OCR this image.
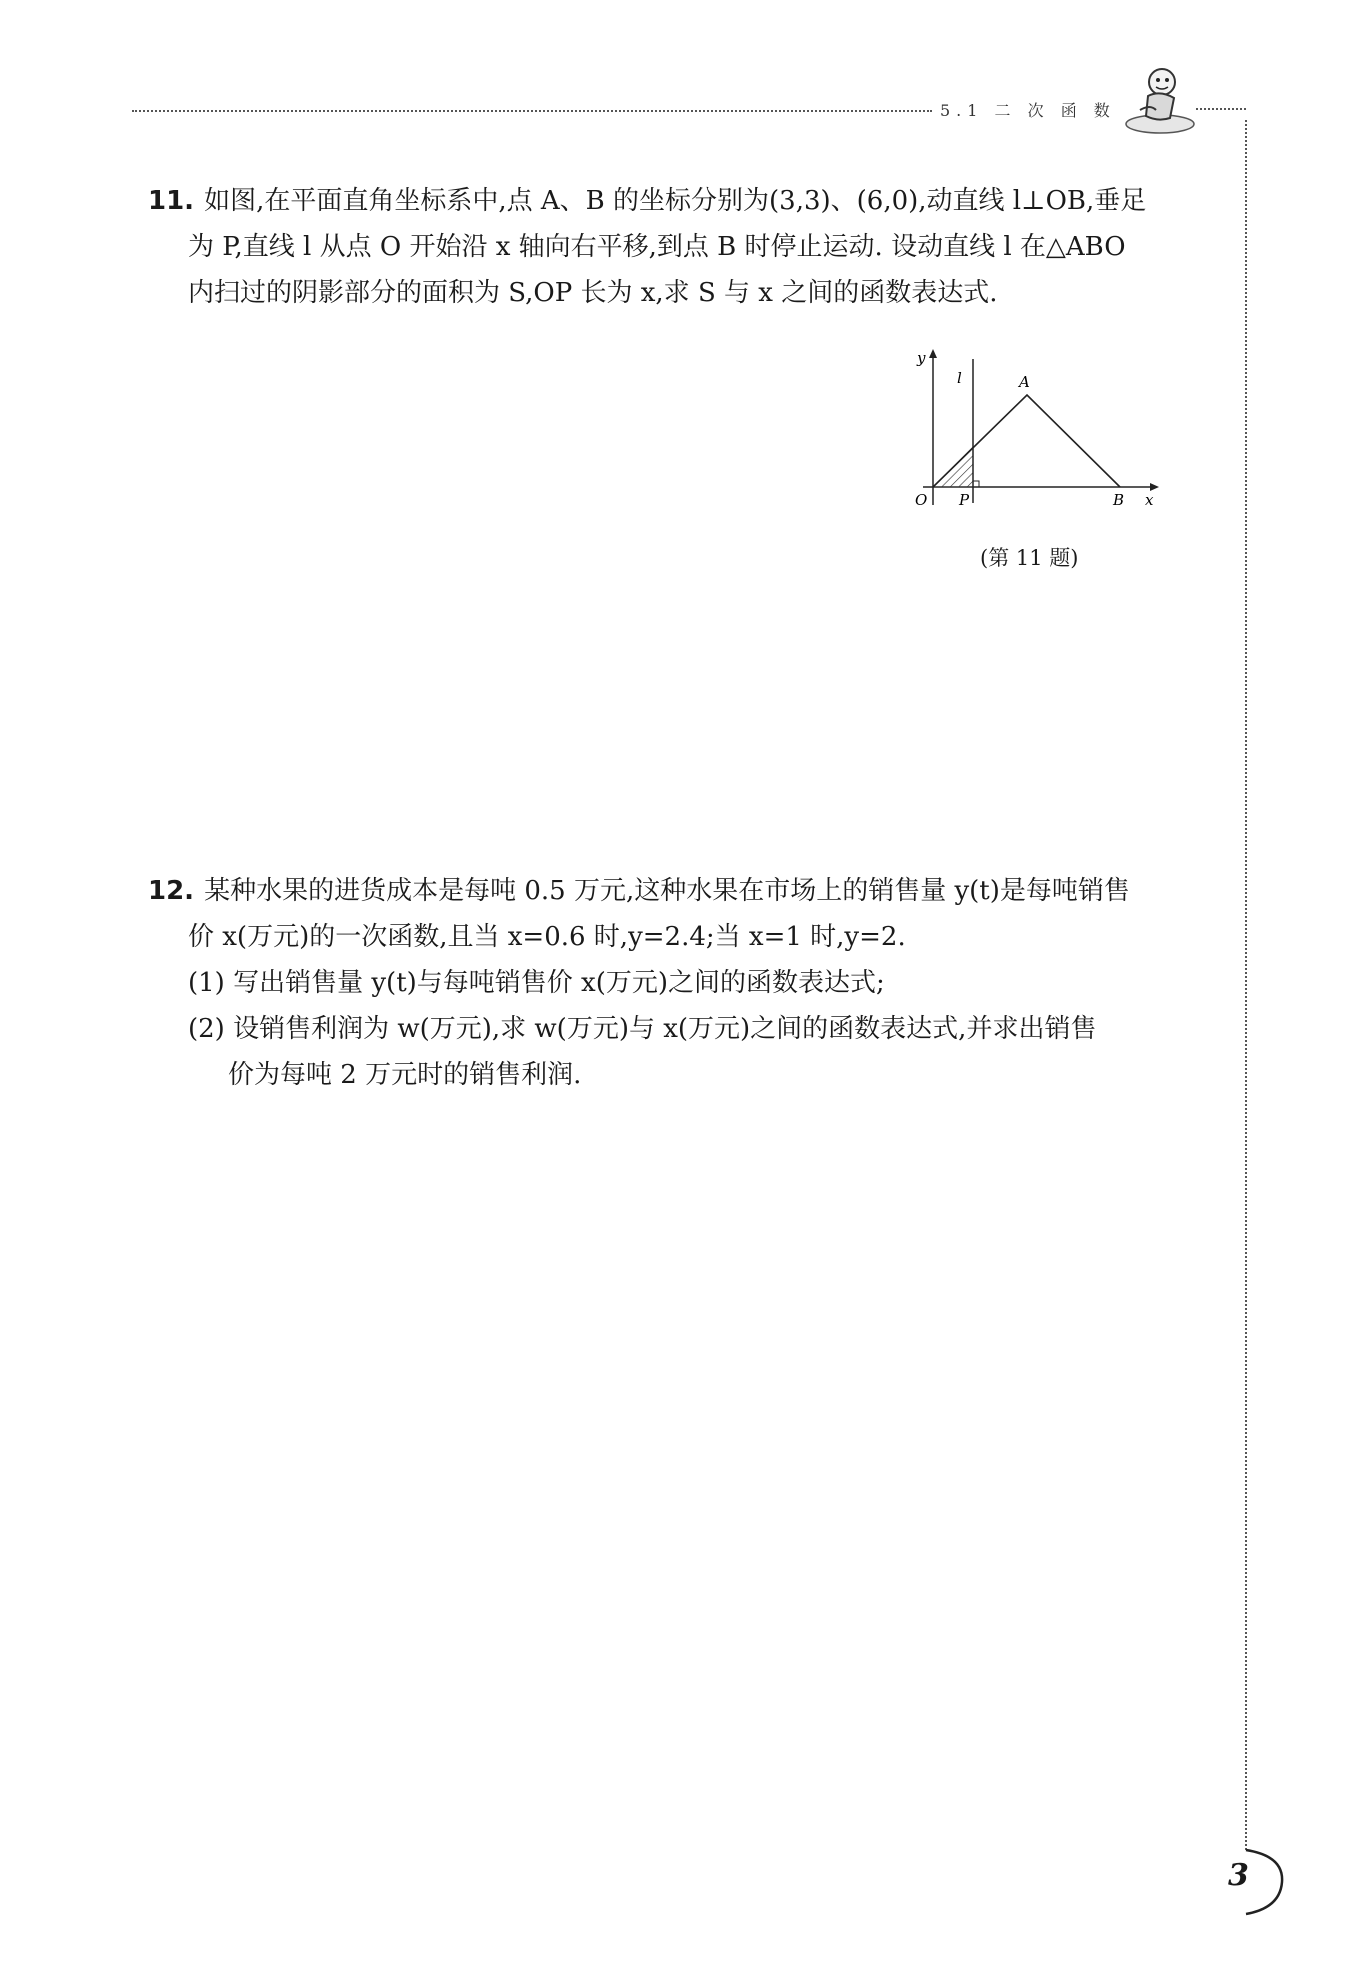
5.1 二 次 函 数
11. 如图,在平面直角坐标系中,点 A、B 的坐标分别为(3,3)、(6,0),动直线 l⊥OB,垂足
为 P,直线 l 从点 O 开始沿 x 轴向右平移,到点 B 时停止运动. 设动直线 l 在△ABO
内扫过的阴影部分的面积为 S,OP 长为 x,求 S 与 x 之间的函数表达式.
y
l	A
O P	B x
(第 11 题)
12. 某种水果的进货成本是每吨 0.5 万元,这种水果在市场上的销售量 y(t)是每吨销售
价 x(万元)的一次函数,且当 x=0.6 时,y=2.4;当 x=1 时,y=2.
(1) 写出销售量 y(t)与每吨销售价 x(万元)之间的函数表达式;
(2) 设销售利润为 w(万元),求 w(万元)与 x(万元)之间的函数表达式,并求出销售
价为每吨 2 万元时的销售利润.
3
